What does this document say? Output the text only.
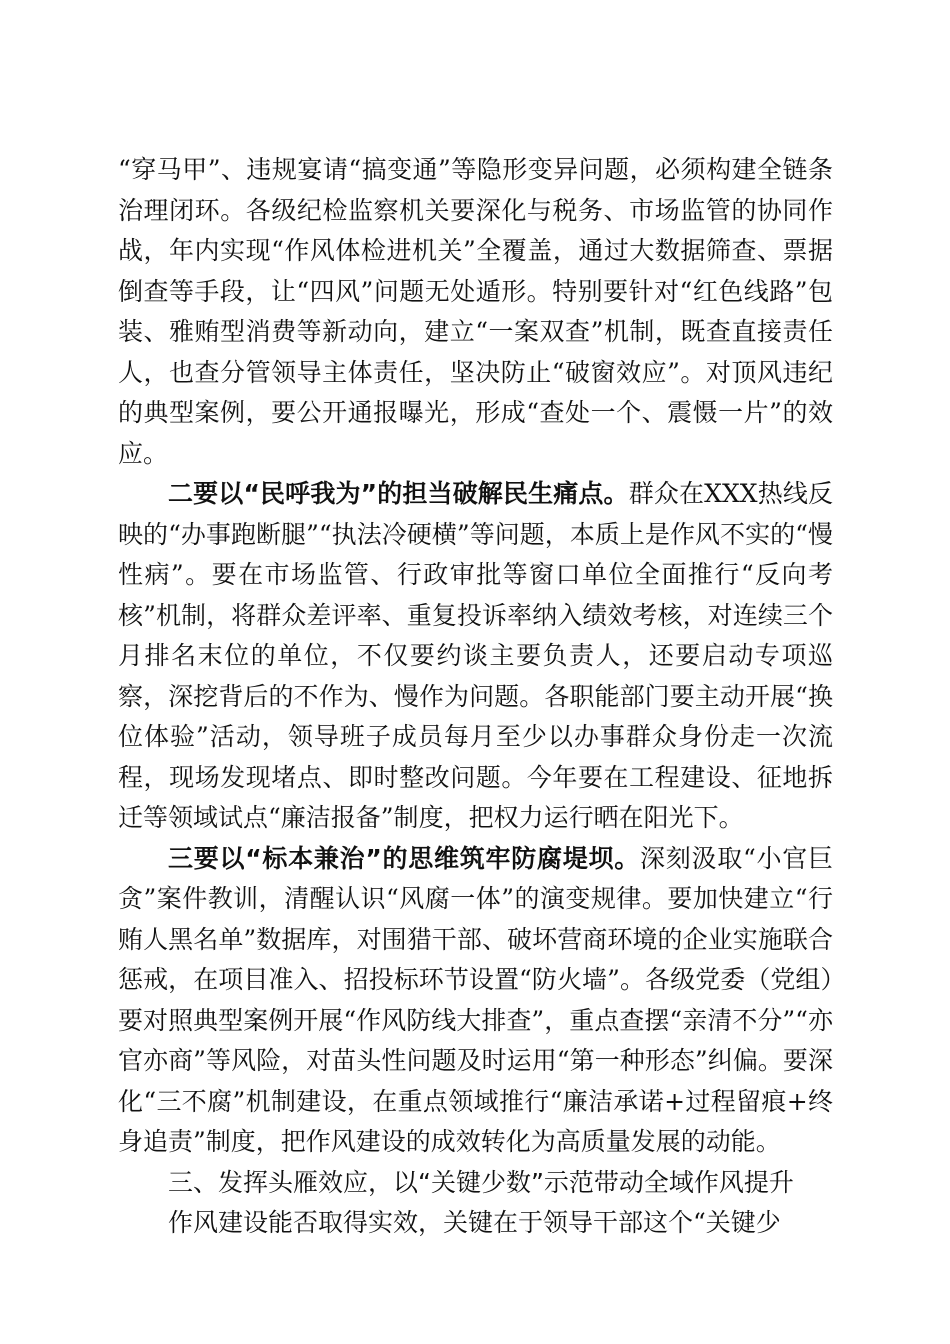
“穿马甲”、违规宴请“搞变通”等隐形变异问题，必须构建全链条治理闭环。各级纪检监察机关要深化与税务、市场监管的协同作战，年内实现“作风体检进机关”全覆盖，通过大数据筛查、票据倒查等手段，让“四风”问题无处遁形。特别要针对“红色线路”包装、雅贿型消费等新动向，建立“一案双查”机制，既查直接责任人，也查分管领导主体责任，坚决防止“破窗效应”。对顶风违纪的典型案例，要公开通报曝光，形成“查处一个、震慑一片”的效应。

二要以“民呼我为”的担当破解民生痛点。群众在XXX热线反映的“办事跑断腿”“执法冷硬横”等问题，本质上是作风不实的“慢性病”。要在市场监管、行政审批等窗口单位全面推行“反向考核”机制，将群众差评率、重复投诉率纳入绩效考核，对连续三个月排名末位的单位，不仅要约谈主要负责人，还要启动专项巡察，深挖背后的不作为、慢作为问题。各职能部门要主动开展“换位体验”活动，领导班子成员每月至少以办事群众身份走一次流程，现场发现堵点、即时整改问题。今年要在工程建设、征地拆迁等领域试点“廉洁报备”制度，把权力运行晒在阳光下。

三要以“标本兼治”的思维筑牢防腐堤坝。深刻汲取“小官巨贪”案件教训，清醒认识“风腐一体”的演变规律。要加快建立“行贿人黑名单”数据库，对围猎干部、破坏营商环境的企业实施联合惩戒，在项目准入、招投标环节设置“防火墙”。各级党委（党组）要对照典型案例开展“作风防线大排查”，重点查摆“亲清不分”“亦官亦商”等风险，对苗头性问题及时运用“第一种形态”纠偏。要深化“三不腐”机制建设，在重点领域推行“廉洁承诺+过程留痕+终身追责”制度，把作风建设的成效转化为高质量发展的动能。

三、发挥头雁效应，以“关键少数”示范带动全域作风提升

作风建设能否取得实效，关键在于领导干部这个“关键少
